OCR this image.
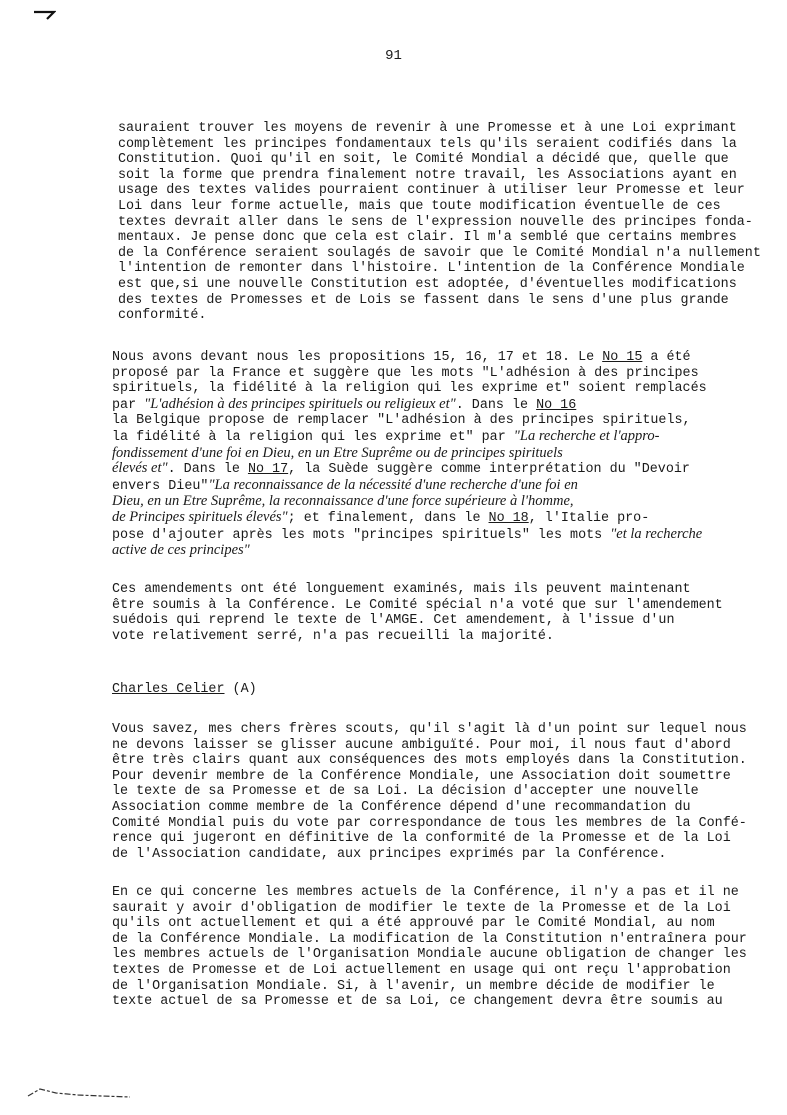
91

sauraient trouver les moyens de revenir à une Promesse et à une Loi exprimant

complètement les principes fondamentaux tels qu'ils seraient codifiés dans la

Constitution. Quoi qu'il en soit, le Comité Mondial a décidé que, quelle que

soit la forme que prendra finalement notre travail, les Associations ayant en

usage des textes valides pourraient continuer à utiliser leur Promesse et leur

Loi dans leur forme actuelle, mais que toute modification éventuelle de ces

textes devrait aller dans le sens de l'expression nouvelle des principes fonda-

mentaux. Je pense donc que cela est clair. Il m'a semblé que certains membres

de la Conférence seraient soulagés de savoir que le Comité Mondial n'a nullement

l'intention de remonter dans l'histoire. L'intention de la Conférence Mondiale

est que,si une nouvelle Constitution est adoptée, d'éventuelles modifications

des textes de Promesses et de Lois se fassent dans le sens d'une plus grande

conformité.

Nous avons devant nous les propositions 15, 16, 17 et 18. Le No 15 a été

proposé par la France et suggère que les mots "L'adhésion à des principes

spirituels, la fidélité à la religion qui les exprime et" soient remplacés

par "L'adhésion à des principes spirituels ou religieux et". Dans le No 16

la Belgique propose de remplacer "L'adhésion à des principes spirituels,

la fidélité à la religion qui les exprime et" par "La recherche et l'appro-

fondissement d'une foi en Dieu, en un Etre Suprême ou de principes spirituels

élevés et". Dans le No 17, la Suède suggère comme interprétation du "Devoir

envers Dieu""La reconnaissance de la nécessité d'une recherche d'une foi en

Dieu, en un Etre Suprême, la reconnaissance d'une force supérieure à l'homme,

de Principes spirituels élevés"; et finalement, dans le No 18, l'Italie pro-

pose d'ajouter après les mots "principes spirituels" les mots "et la recherche

active de ces principes"

Ces amendements ont été longuement examinés, mais ils peuvent maintenant

être soumis à la Conférence. Le Comité spécial n'a voté que sur l'amendement

suédois qui reprend le texte de l'AMGE. Cet amendement, à l'issue d'un

vote relativement serré, n'a pas recueilli la majorité.

Charles Celier (A)

Vous savez, mes chers frères scouts, qu'il s'agit là d'un point sur lequel nous

ne devons laisser se glisser aucune ambiguïté. Pour moi, il nous faut d'abord

être très clairs quant aux conséquences des mots employés dans la Constitution.

Pour devenir membre de la Conférence Mondiale, une Association doit soumettre

le texte de sa Promesse et de sa Loi. La décision d'accepter une nouvelle

Association comme membre de la Conférence dépend d'une recommandation du

Comité Mondial puis du vote par correspondance de tous les membres de la Confé-

rence qui jugeront en définitive de la conformité de la Promesse et de la Loi

de l'Association candidate, aux principes exprimés par la Conférence.

En ce qui concerne les membres actuels de la Conférence, il n'y a pas et il ne

saurait y avoir d'obligation de modifier le texte de la Promesse et de la Loi

qu'ils ont actuellement et qui a été approuvé par le Comité Mondial, au nom

de la Conférence Mondiale. La modification de la Constitution n'entraînera pour

les membres actuels de l'Organisation Mondiale aucune obligation de changer les

textes de Promesse et de Loi actuellement en usage qui ont reçu l'approbation

de l'Organisation Mondiale. Si, à l'avenir, un membre décide de modifier le

texte actuel de sa Promesse et de sa Loi, ce changement devra être soumis au
